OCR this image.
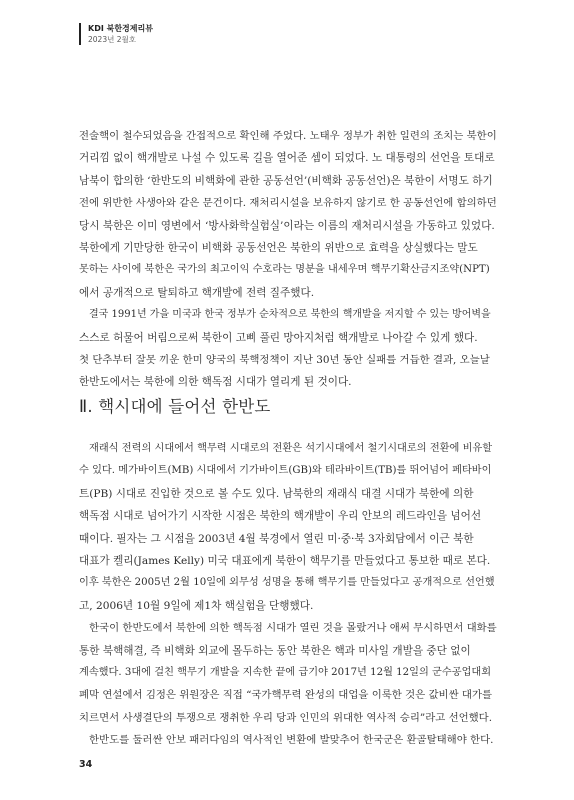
KDI 북한경제리뷰
2023년 2월호

전술핵이 철수되었음을 간접적으로 확인해 주었다. 노태우 정부가 취한 일련의 조치는 북한이
거리낌 없이 핵개발로 나설 수 있도록 길을 열어준 셈이 되었다. 노 대통령의 선언을 토대로
남북이 합의한 ‘한반도의 비핵화에 관한 공동선언’(비핵화 공동선언)은 북한이 서명도 하기
전에 위반한 사생아와 같은 문건이다. 재처리시설을 보유하지 않기로 한 공동선언에 합의하던
당시 북한은 이미 영변에서 ‘방사화학실험실’이라는 이름의 재처리시설을 가동하고 있었다.
북한에게 기만당한 한국이 비핵화 공동선언은 북한의 위반으로 효력을 상실했다는 말도
못하는 사이에 북한은 국가의 최고이익 수호라는 명분을 내세우며 핵무기확산금지조약(NPT)
에서 공개적으로 탈퇴하고 핵개발에 전력 질주했다.

결국 1991년 가을 미국과 한국 정부가 순차적으로 북한의 핵개발을 저지할 수 있는 방어벽을
스스로 허물어 버림으로써 북한이 고삐 풀린 망아지처럼 핵개발로 나아갈 수 있게 했다.
첫 단추부터 잘못 끼운 한미 양국의 북핵정책이 지난 30년 동안 실패를 거듭한 결과, 오늘날
한반도에서는 북한에 의한 핵독점 시대가 열리게 된 것이다.

Ⅱ. 핵시대에 들어선 한반도

재래식 전력의 시대에서 핵무력 시대로의 전환은 석기시대에서 철기시대로의 전환에 비유할
수 있다. 메가바이트(MB) 시대에서 기가바이트(GB)와 테라바이트(TB)를 뛰어넘어 페타바이
트(PB) 시대로 진입한 것으로 볼 수도 있다. 남북한의 재래식 대결 시대가 북한에 의한
핵독점 시대로 넘어가기 시작한 시점은 북한의 핵개발이 우리 안보의 레드라인을 넘어선
때이다. 필자는 그 시점을 2003년 4월 북경에서 열린 미·중·북 3자회담에서 이근 북한
대표가 켈리(James Kelly) 미국 대표에게 북한이 핵무기를 만들었다고 통보한 때로 본다.
이후 북한은 2005년 2월 10일에 외무성 성명을 통해 핵무기를 만들었다고 공개적으로 선언했
고, 2006년 10월 9일에 제1차 핵실험을 단행했다.

한국이 한반도에서 북한에 의한 핵독점 시대가 열린 것을 몰랐거나 애써 무시하면서 대화를
통한 북핵해결, 즉 비핵화 외교에 몰두하는 동안 북한은 핵과 미사일 개발을 중단 없이
계속했다. 3대에 걸친 핵무기 개발을 지속한 끝에 급기야 2017년 12월 12일의 군수공업대회
폐막 연설에서 김정은 위원장은 직접 “국가핵무력 완성의 대업을 이룩한 것은 값비싼 대가를
치르면서 사생결단의 투쟁으로 쟁취한 우리 당과 인민의 위대한 역사적 승리”라고 선언했다.

한반도를 둘러싼 안보 패러다임의 역사적인 변환에 발맞추어 한국군은 환골탈태해야 한다.

34
